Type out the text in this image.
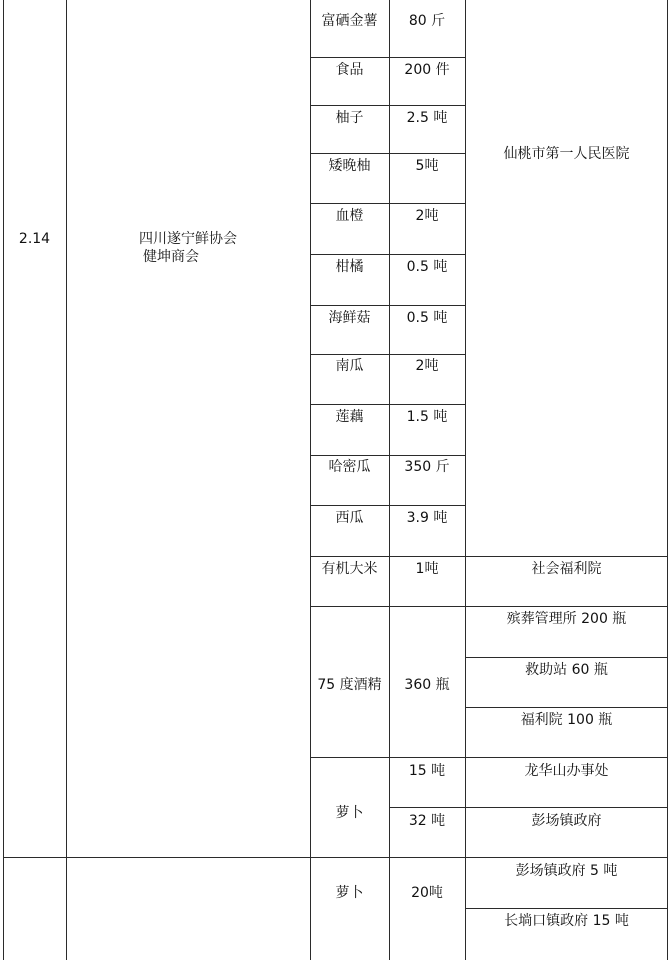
2.14	四川遂宁鲜协会
健坤商会
富硒金薯
食品
柚子
矮晚柚
血橙
柑橘
海鲜菇
南瓜
莲藕
哈密瓜
西瓜
有机大米
75 度酒精
萝卜
80 斤
200 件
2.5 吨
5吨
2吨
0.5 吨
0.5 吨
2吨
1.5 吨
350 斤
3.9 吨
1吨
360 瓶
15 吨
32 吨
仙桃市第一人民医院
社会福利院
殡葬管理所 200 瓶
救助站 60 瓶
福利院 100 瓶
龙华山办事处
彭场镇政府
萝卜	20吨
彭场镇政府 5 吨
长埫口镇政府 15 吨
